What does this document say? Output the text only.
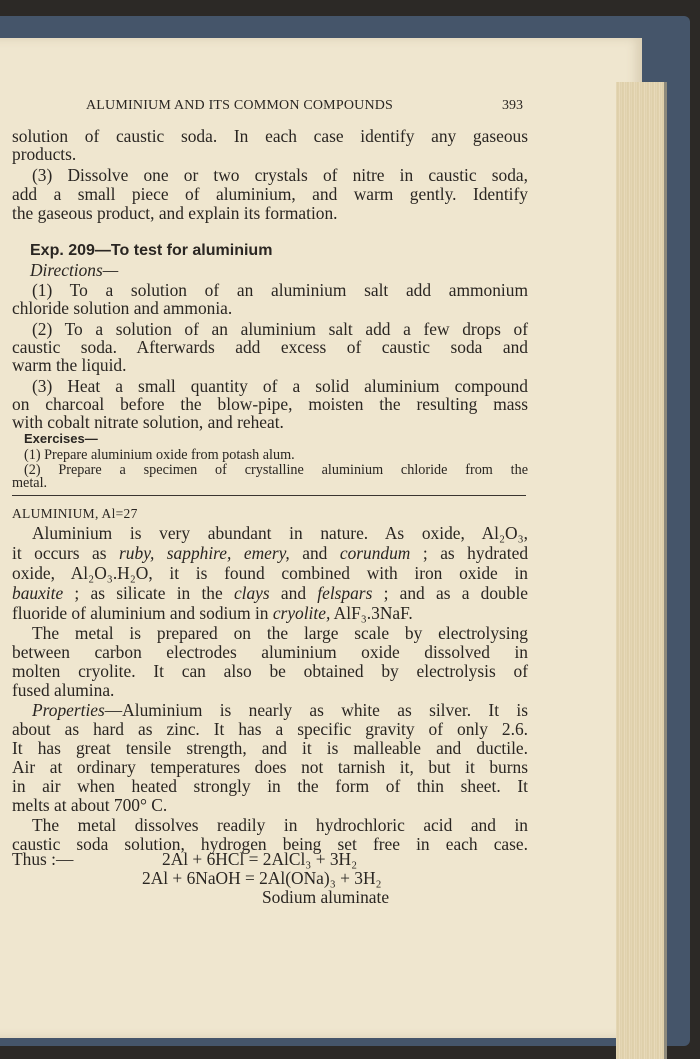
ALUMINIUM AND ITS COMMON COMPOUNDS	393
solution of caustic soda. In each case identify any gaseous
products.
(3) Dissolve one or two crystals of nitre in caustic soda,
add a small piece of aluminium, and warm gently. Identify
the gaseous product, and explain its formation.
Exp. 209—To test for aluminium
Directions—
(1) To a solution of an aluminium salt add ammonium
chloride solution and ammonia.
(2) To a solution of an aluminium salt add a few drops of
caustic soda. Afterwards add excess of caustic soda and
warm the liquid.
(3) Heat a small quantity of a solid aluminium compound
on charcoal before the blow-pipe, moisten the resulting mass
with cobalt nitrate solution, and reheat.
Exercises—
(1) Prepare aluminium oxide from potash alum.
(2) Prepare a specimen of crystalline aluminium chloride from the
metal.
ALUMINIUM, Al=27
Aluminium is very abundant in nature. As oxide, Al₂O₃,
it occurs as ruby, sapphire, emery, and corundum ; as hydrated
oxide, Al₂O₃.H₂O, it is found combined with iron oxide in
bauxite ; as silicate in the clays and felspars ; and as a double
fluoride of aluminium and sodium in cryolite, AlF₃.3NaF.
The metal is prepared on the large scale by electrolysing
between carbon electrodes aluminium oxide dissolved in
molten cryolite. It can also be obtained by electrolysis of
fused alumina.
Properties—Aluminium is nearly as white as silver. It is
about as hard as zinc. It has a specific gravity of only 2.6.
It has great tensile strength, and it is malleable and ductile.
Air at ordinary temperatures does not tarnish it, but it burns
in air when heated strongly in the form of thin sheet. It
melts at about 700° C.
The metal dissolves readily in hydrochloric acid and in
caustic soda solution, hydrogen being set free in each case.
Thus :—	2Al + 6HCl = 2AlCl₃ + 3H₂
2Al + 6NaOH = 2Al(ONa)₃ + 3H₂
Sodium aluminate
